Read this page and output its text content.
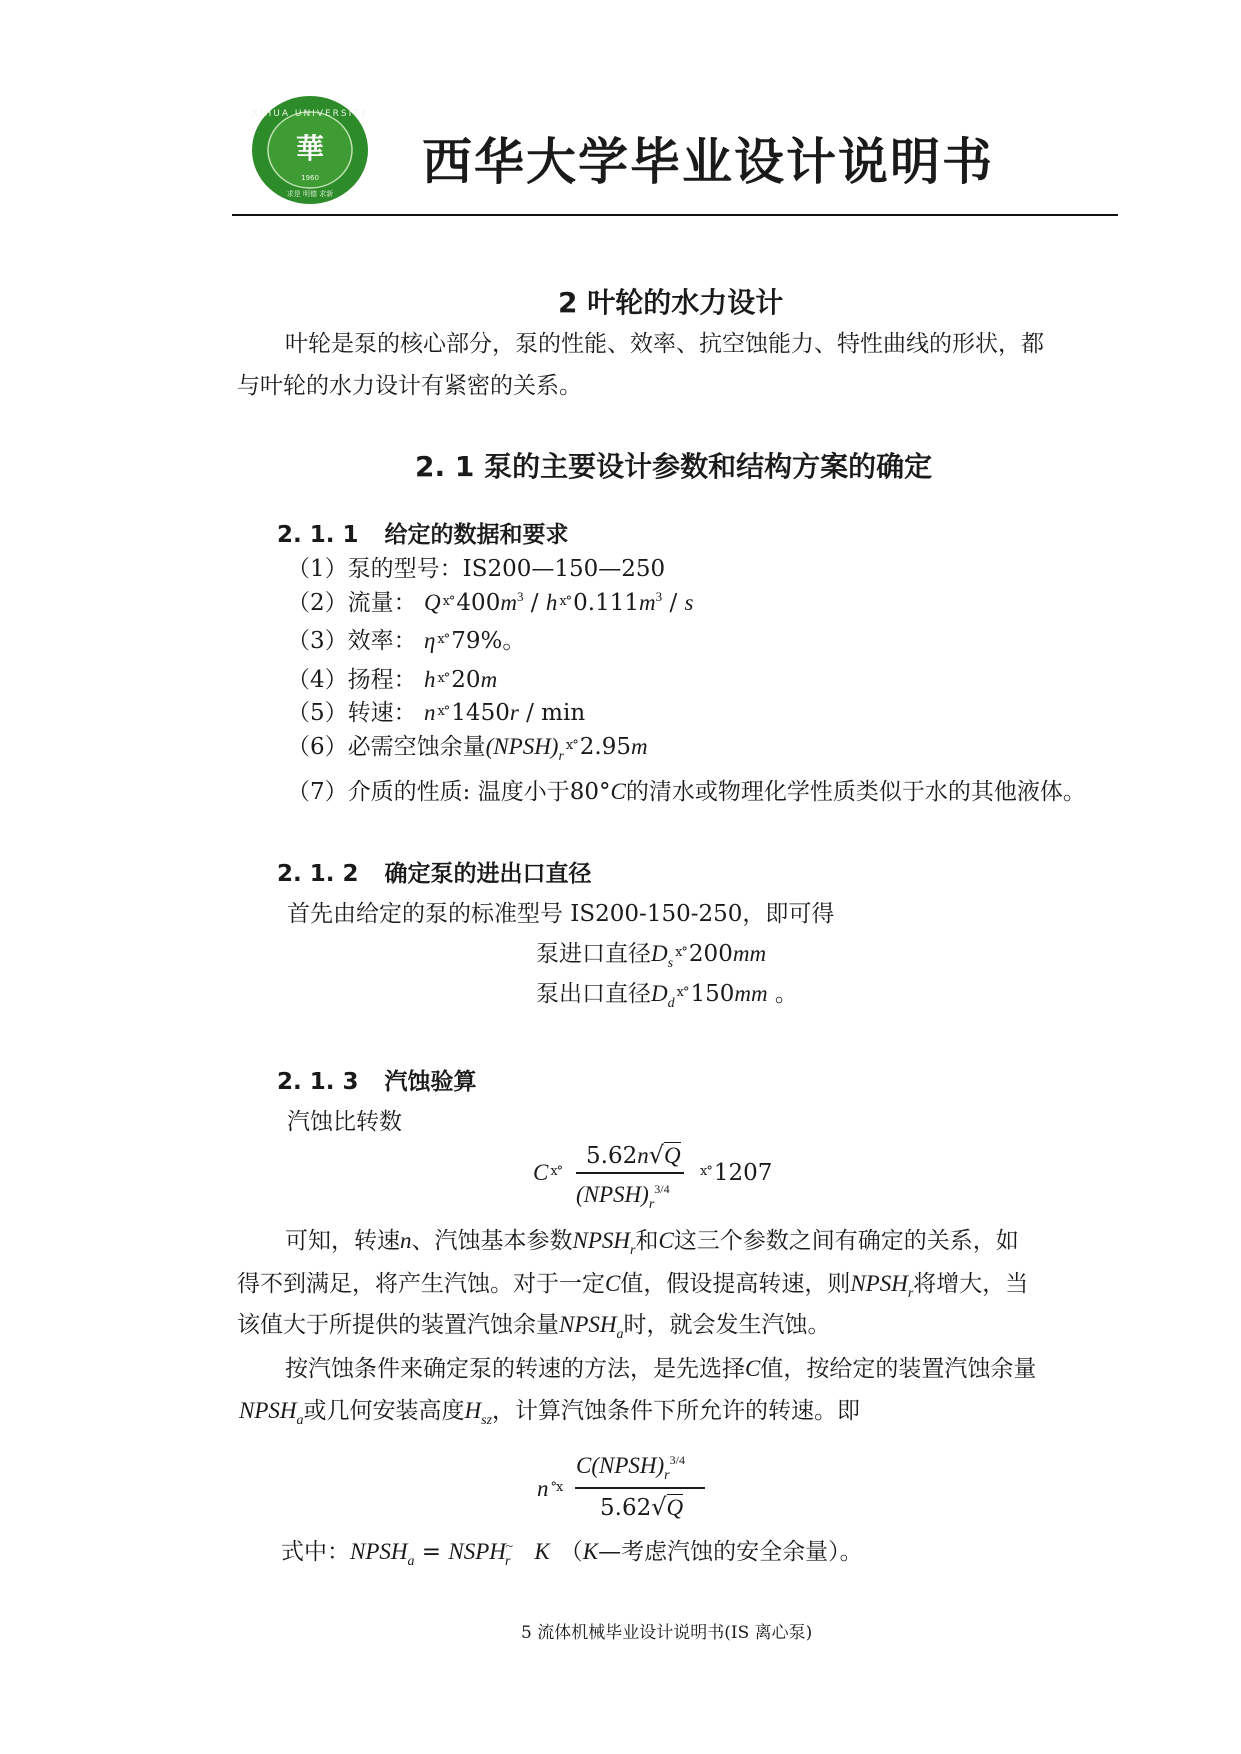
XIHUA UNIVERSITY
華
1960
求是 明德 求新
西华大学毕业设计说明书
2 叶轮的水力设计
叶轮是泵的核心部分，泵的性能、效率、抗空蚀能力、特性曲线的形状，都
与叶轮的水力设计有紧密的关系。
2. 1 泵的主要设计参数和结构方案的确定
2. 1. 1 给定的数据和要求
（1）泵的型号：IS200—150—250
（2）流量： Q $^{ⅹ^\circ}400m^3$ / h $^{ⅹ^\circ}0.111m^3$ / s
（3）效率： η $^{ⅹ^\circ}$79%。
（4）扬程： h $^{ⅹ^\circ}$20m
（5）转速： n $^{ⅹ^\circ}$1450r / min
（6）必需空蚀余量$(NPSH)_r^{ⅹ^\circ}2.95m$
（7）介质的性质: 温度小于80°C的清水或物理化学性质类似于水的其他液体。
2. 1. 2 确定泵的进出口直径
首先由给定的泵的标准型号 IS200-150-250，即可得
泵进口直径$D_s^{ⅹ^\circ}200mm$
泵出口直径$D_d^{ⅹ^\circ}150mm$ 。
2. 1. 3 汽蚀验算
汽蚀比转数
C $^{ⅹ^\circ}$
5.62n√Q
$(NPSH)_r^{3/4}$
$^{ⅹ^\circ}$1207
可知，转速n、汽蚀基本参数$NPSH_r$和C这三个参数之间有确定的关系，如
得不到满足，将产生汽蚀。对于一定C值，假设提高转速，则$NPSH_r$将增大，当
该值大于所提供的装置汽蚀余量$NPSH_a$时，就会发生汽蚀。
按汽蚀条件来确定泵的转速的方法，是先选择C值，按给定的装置汽蚀余量
$NPSH_a$或几何安装高度$H_{sz}$，计算汽蚀条件下所允许的转速。即
n $^{^\circ ⅹ}$
$C(NPSH)_r^{3/4}$
5.62√Q
式中：$NPSH_a$ = $NSPH^\sim_r$ K （K—考虑汽蚀的安全余量）。
5 流体机械毕业设计说明书(IS 离心泵)
